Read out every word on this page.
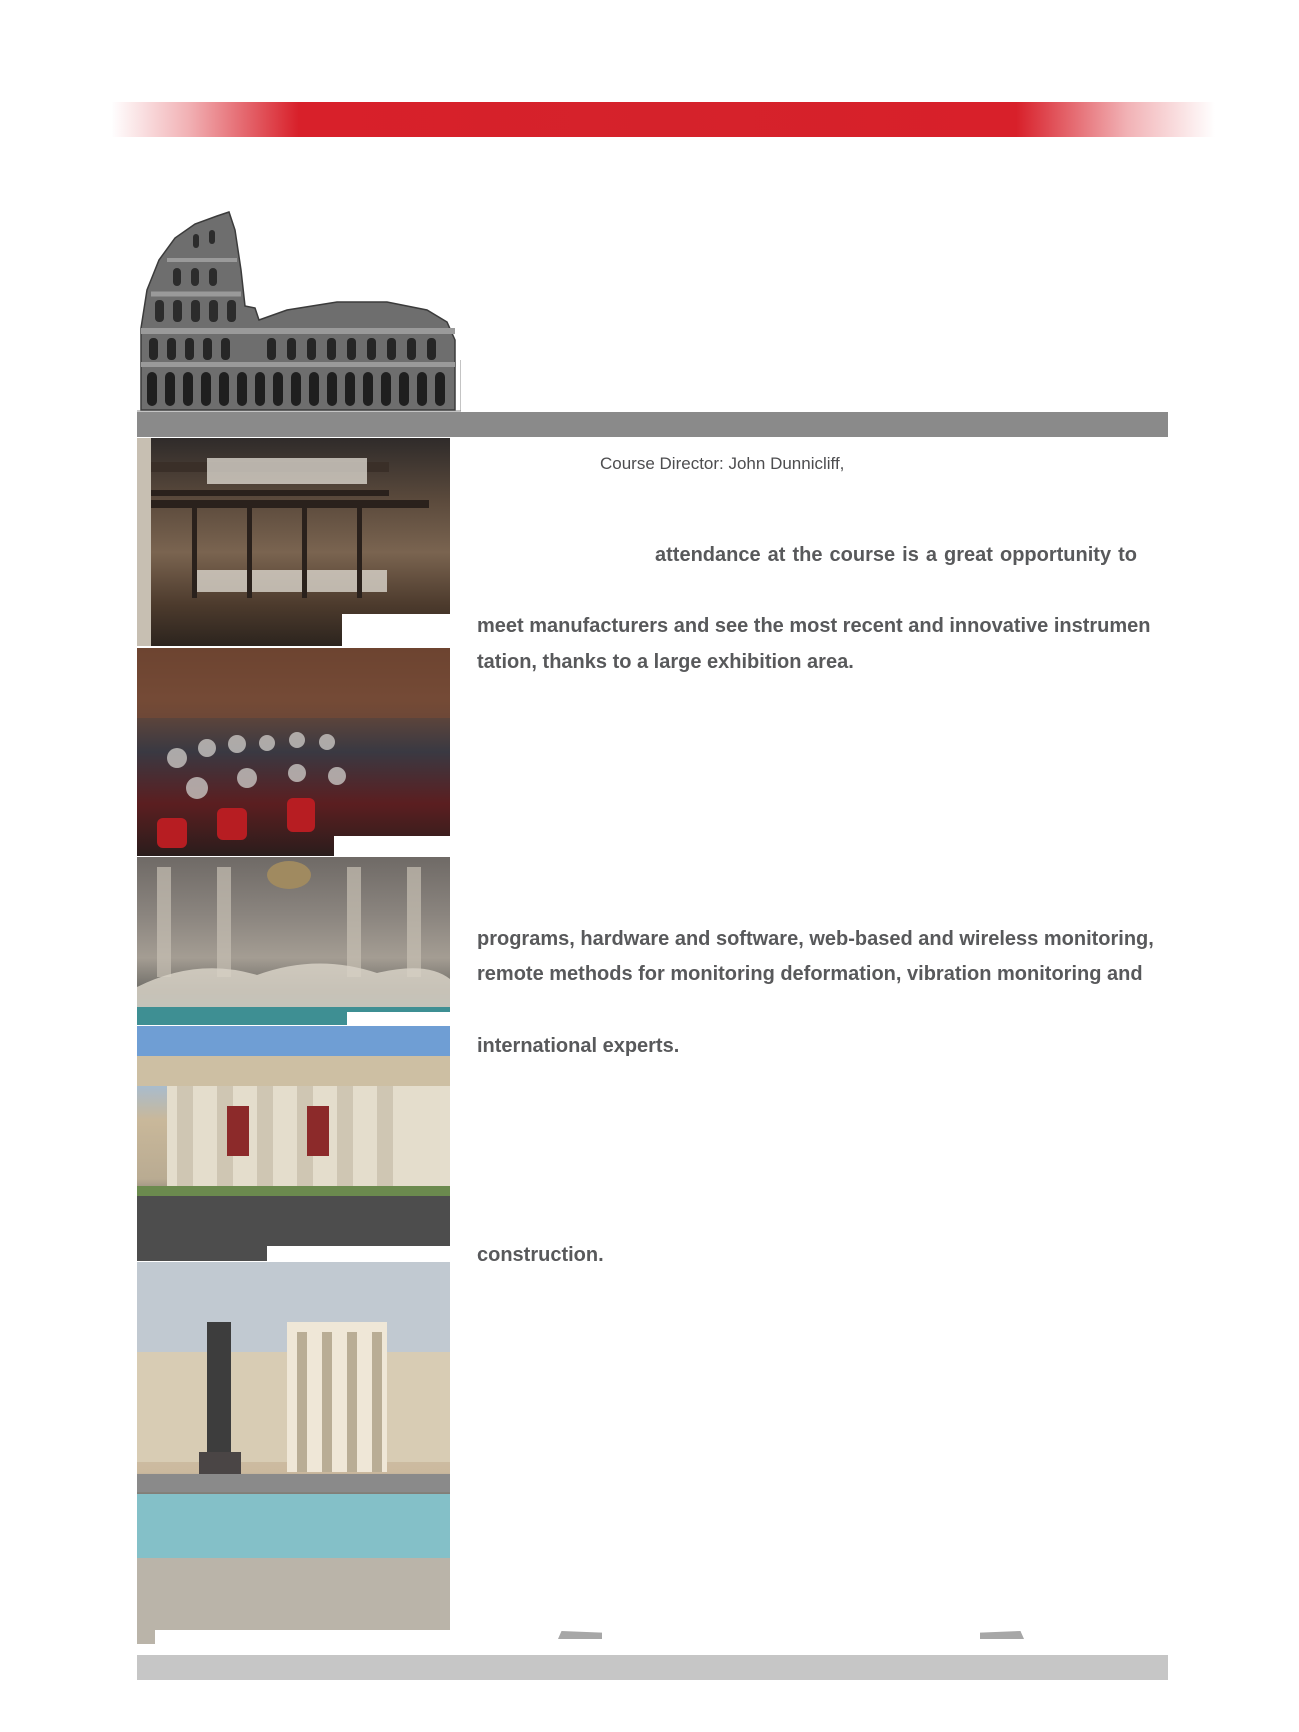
Course Director: John Dunnicliff,
attendance at the course is a great opportunity to
meet manufacturers and see the most recent and innovative instrumen
tation, thanks to a large exhibition area.
programs, hardware and software, web-based and wireless monitoring,
remote methods for monitoring deformation, vibration monitoring and
international experts.
construction.
